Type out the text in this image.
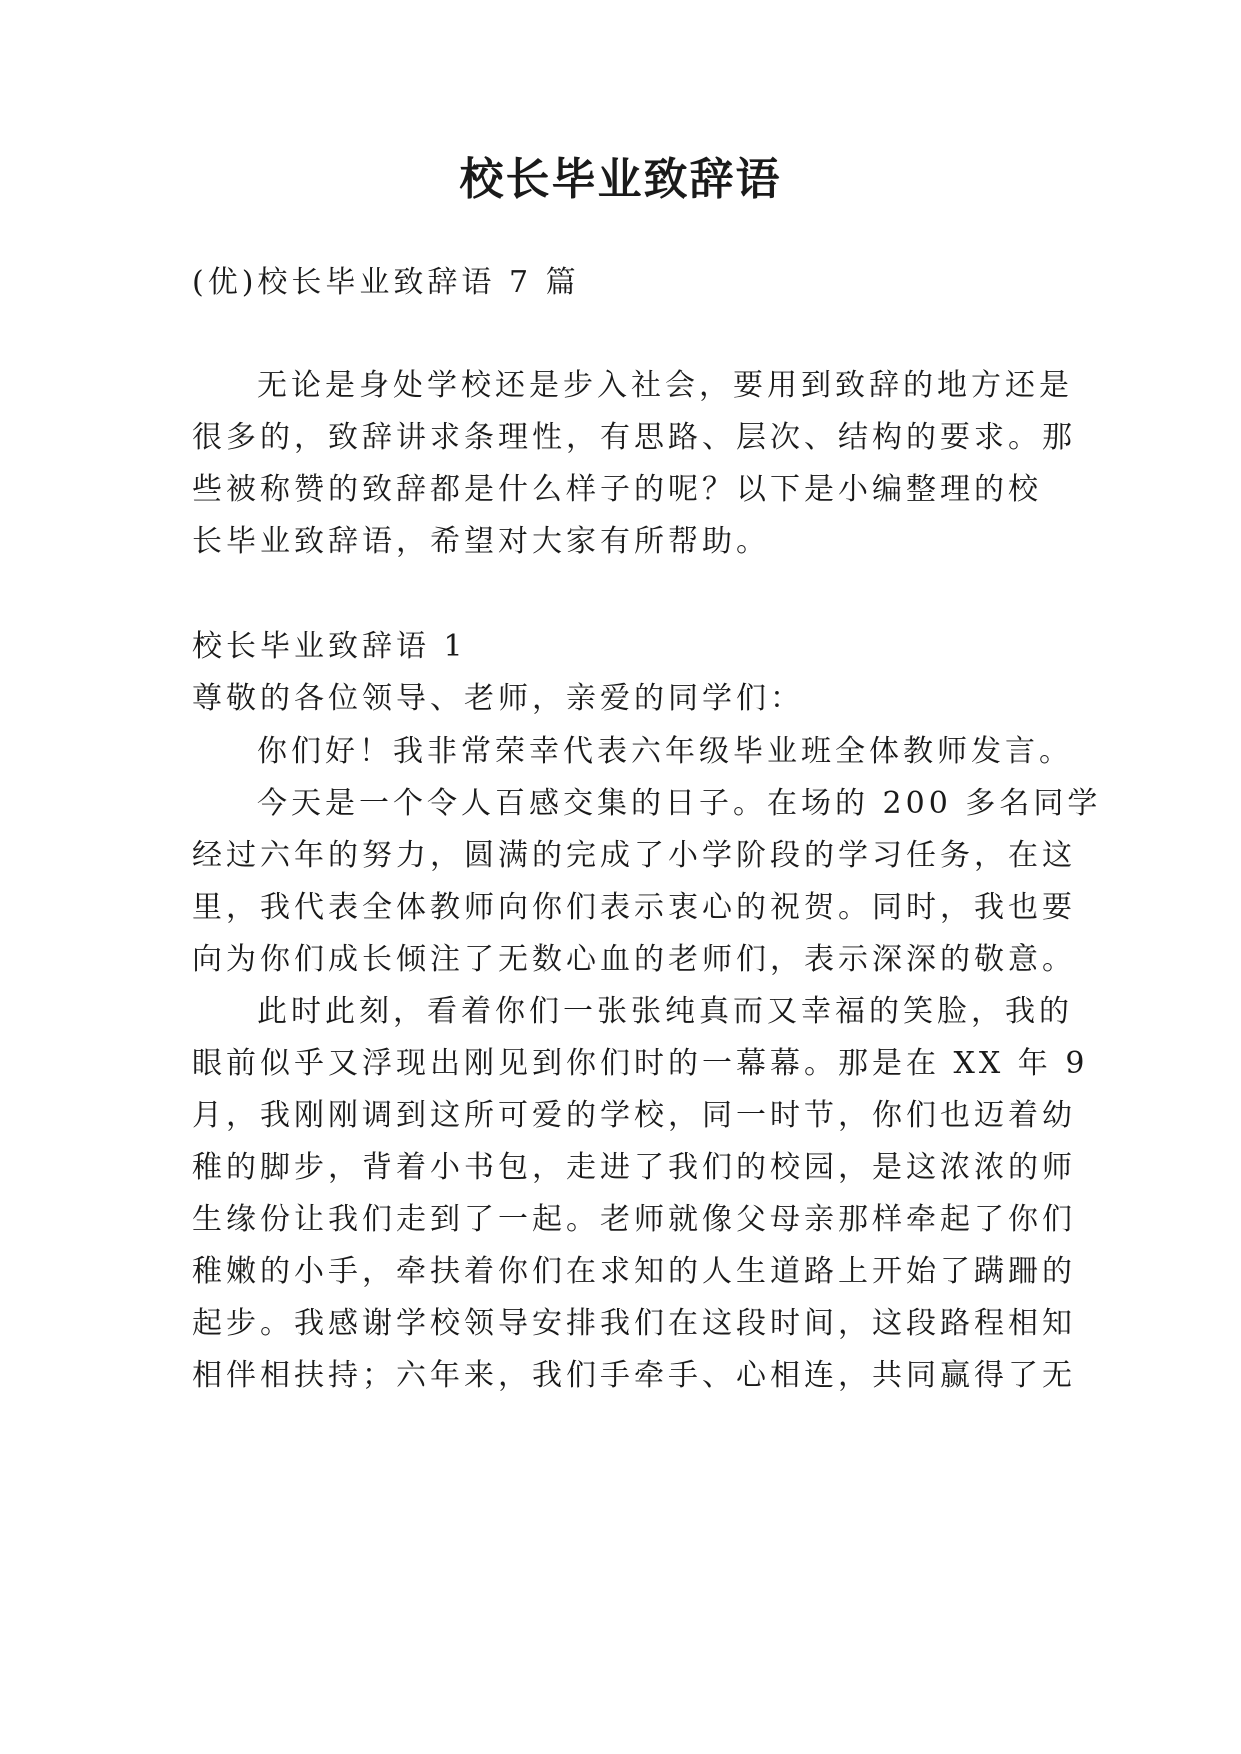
校长毕业致辞语

(优)校长毕业致辞语 7 篇

无论是身处学校还是步入社会，要用到致辞的地方还是

很多的，致辞讲求条理性，有思路、层次、结构的要求。那

些被称赞的致辞都是什么样子的呢？以下是小编整理的校

长毕业致辞语，希望对大家有所帮助。

校长毕业致辞语 1

尊敬的各位领导、老师，亲爱的同学们：

你们好！我非常荣幸代表六年级毕业班全体教师发言。

今天是一个令人百感交集的日子。在场的 200 多名同学

经过六年的努力，圆满的完成了小学阶段的学习任务，在这

里，我代表全体教师向你们表示衷心的祝贺。同时，我也要

向为你们成长倾注了无数心血的老师们，表示深深的敬意。

此时此刻，看着你们一张张纯真而又幸福的笑脸，我的

眼前似乎又浮现出刚见到你们时的一幕幕。那是在 XX 年 9

月，我刚刚调到这所可爱的学校，同一时节，你们也迈着幼

稚的脚步，背着小书包，走进了我们的校园，是这浓浓的师

生缘份让我们走到了一起。老师就像父母亲那样牵起了你们

稚嫩的小手，牵扶着你们在求知的人生道路上开始了蹒跚的

起步。我感谢学校领导安排我们在这段时间，这段路程相知

相伴相扶持；六年来，我们手牵手、心相连，共同赢得了无
